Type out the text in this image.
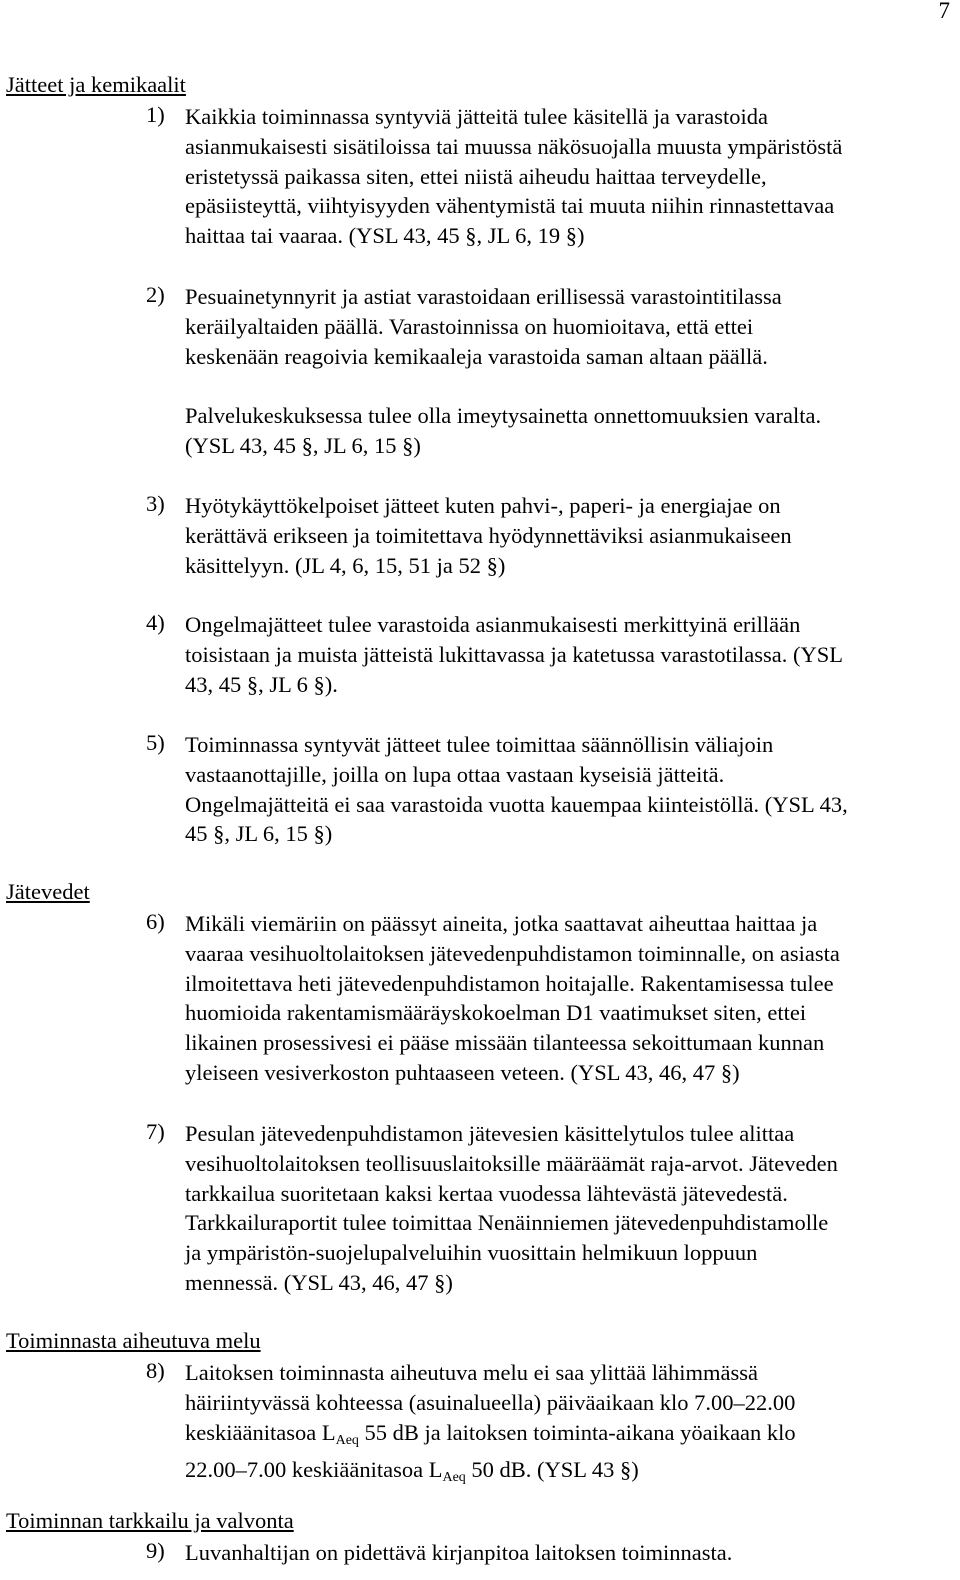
7
Jätteet ja kemikaalit
1) Kaikkia toiminnassa syntyviä jätteitä tulee käsitellä ja varastoida
asianmukaisesti sisätiloissa tai muussa näkösuojalla muusta ympäristöstä
eristetyssä paikassa siten, ettei niistä aiheudu haittaa terveydelle,
epäsiisteyttä, viihtyisyyden vähentymistä tai muuta niihin rinnastettavaa
haittaa tai vaaraa. (YSL 43, 45 §, JL 6, 19 §)

2) Pesuainetynnyrit ja astiat varastoidaan erillisessä varastointitilassa
keräilyaltaiden päällä. Varastoinnissa on huomioitava, että ettei
keskenään reagoivia kemikaaleja varastoida saman altaan päällä.

Palvelukeskuksessa tulee olla imeytysainetta onnettomuuksien varalta.
(YSL 43, 45 §, JL 6, 15 §)

3) Hyötykäyttökelpoiset jätteet kuten pahvi-, paperi- ja energiajae on
kerättävä erikseen ja toimitettava hyödynnettäviksi asianmukaiseen
käsittelyyn. (JL 4, 6, 15, 51 ja 52 §)

4) Ongelmajätteet tulee varastoida asianmukaisesti merkittyinä erillään
toisistaan ja muista jätteistä lukittavassa ja katetussa varastotilassa. (YSL
43, 45 §, JL 6 §).

5) Toiminnassa syntyvät jätteet tulee toimittaa säännöllisin väliajoin
vastaanottajille, joilla on lupa ottaa vastaan kyseisiä jätteitä.
Ongelmajätteitä ei saa varastoida vuotta kauempaa kiinteistöllä. (YSL 43,
45 §, JL 6, 15 §)

Jätevedet
6) Mikäli viemäriin on päässyt aineita, jotka saattavat aiheuttaa haittaa ja
vaaraa vesihuoltolaitoksen jätevedenpuhdistamon toiminnalle, on asiasta
ilmoitettava heti jätevedenpuhdistamon hoitajalle. Rakentamisessa tulee
huomioida rakentamismääräyskokoelman D1 vaatimukset siten, ettei
likainen prosessivesi ei pääse missään tilanteessa sekoittumaan kunnan
yleiseen vesiverkoston puhtaaseen veteen. (YSL 43, 46, 47 §)

7) Pesulan jätevedenpuhdistamon jätevesien käsittelytulos tulee alittaa
vesihuoltolaitoksen teollisuuslaitoksille määräämät raja-arvot. Jäteveden
tarkkailua suoritetaan kaksi kertaa vuodessa lähtevästä jätevedestä.
Tarkkailuraportit tulee toimittaa Nenäinniemen jätevedenpuhdistamolle
ja ympäristön-suojelupalveluihin vuosittain helmikuun loppuun
mennessä. (YSL 43, 46, 47 §)

Toiminnasta aiheutuva melu
8) Laitoksen toiminnasta aiheutuva melu ei saa ylittää lähimmässä
häiriintyvässä kohteessa (asuinalueella) päiväaikaan klo 7.00–22.00
keskiäänitasoa $L_{Aeq}$ 55 dB ja laitoksen toiminta-aikana yöaikaan klo
22.00–7.00 keskiäänitasoa $L_{Aeq}$ 50 dB. (YSL 43 §)

Toiminnan tarkkailu ja valvonta
9) Luvanhaltijan on pidettävä kirjanpitoa laitoksen toiminnasta.
